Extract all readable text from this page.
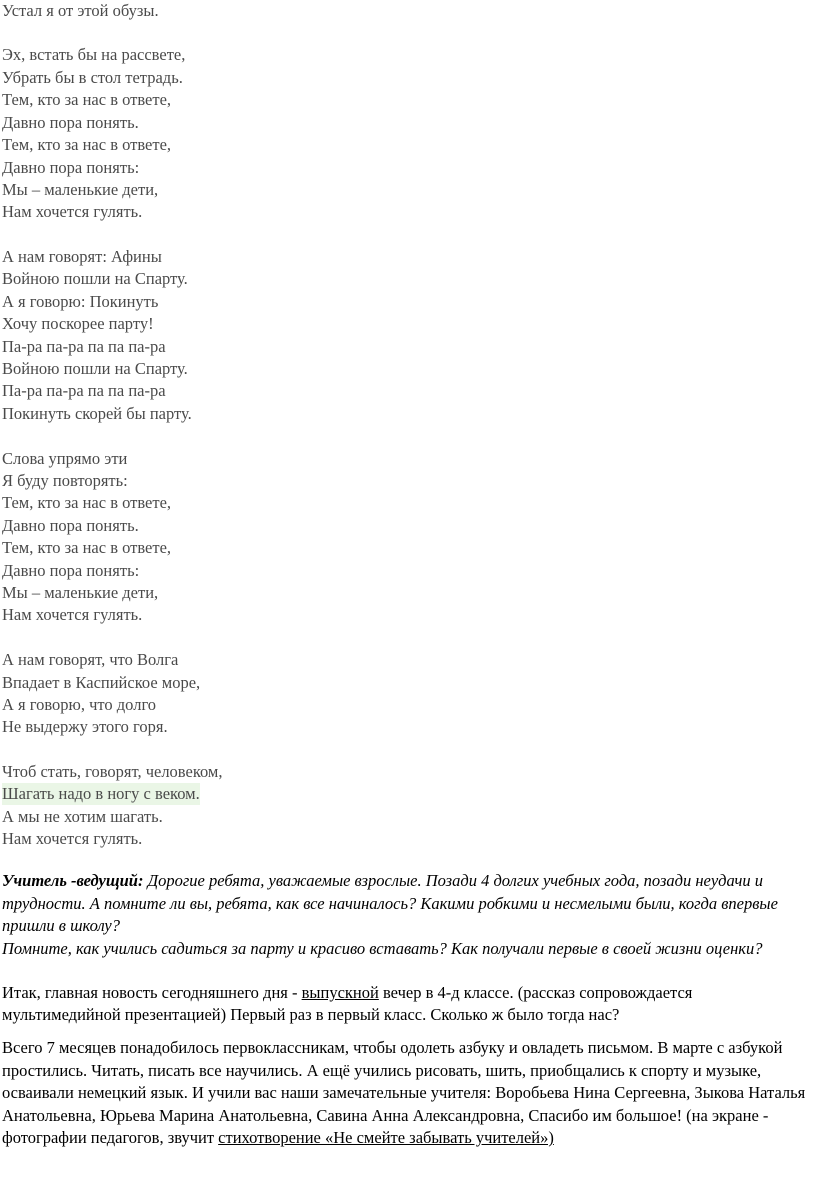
Устал я от этой обузы.
Эх, встать бы на рассвете,
Убрать бы в стол тетрадь.
Тем, кто за нас в ответе,
Давно пора понять.
Тем, кто за нас в ответе,
Давно пора понять:
Мы – маленькие дети,
Нам хочется гулять.
А нам говорят: Афины
Войною пошли на Спарту.
А я говорю: Покинуть
Хочу поскорее парту!
Па-ра па-ра па па па-ра
Войною пошли на Спарту.
Па-ра па-ра па па па-ра
Покинуть скорей бы парту.
Слова упрямо эти
Я буду повторять:
Тем, кто за нас в ответе,
Давно пора понять.
Тем, кто за нас в ответе,
Давно пора понять:
Мы – маленькие дети,
Нам хочется гулять.
А нам говорят, что Волга
Впадает в Каспийское море,
А я говорю, что долго
Не выдержу этого горя.
Чтоб стать, говорят, человеком,
Шагать надо в ногу с веком.
А мы не хотим шагать.
Нам хочется гулять.
Учитель -ведущий: Дорогие ребята, уважаемые взрослые. Позади 4 долгих учебных года, позади неудачи и трудности. А помните ли вы, ребята, как все начиналось? Какими робкими и несмелыми были, когда впервые пришли в школу?
Помните, как учились садиться за парту и красиво вставать? Как получали первые в своей жизни оценки?
Итак, главная новость сегодняшнего дня - выпускной вечер в 4-д классе. (рассказ сопровождается мультимедийной презентацией) Первый раз в первый класс. Сколько ж было тогда нас?
Всего 7 месяцев понадобилось первоклассникам, чтобы одолеть азбуку и овладеть письмом. В марте с азбукой простились. Читать, писать все научились. А ещё учились рисовать, шить, приобщались к спорту и музыке, осваивали немецкий язык. И учили вас наши замечательные учителя: Воробьева Нина Сергеевна, Зыкова Наталья Анатольевна, Юрьева Марина Анатольевна, Савина Анна Александровна, Спасибо им большое! (на экране - фотографии педагогов, звучит стихотворение «Не смейте забывать учителей»)
